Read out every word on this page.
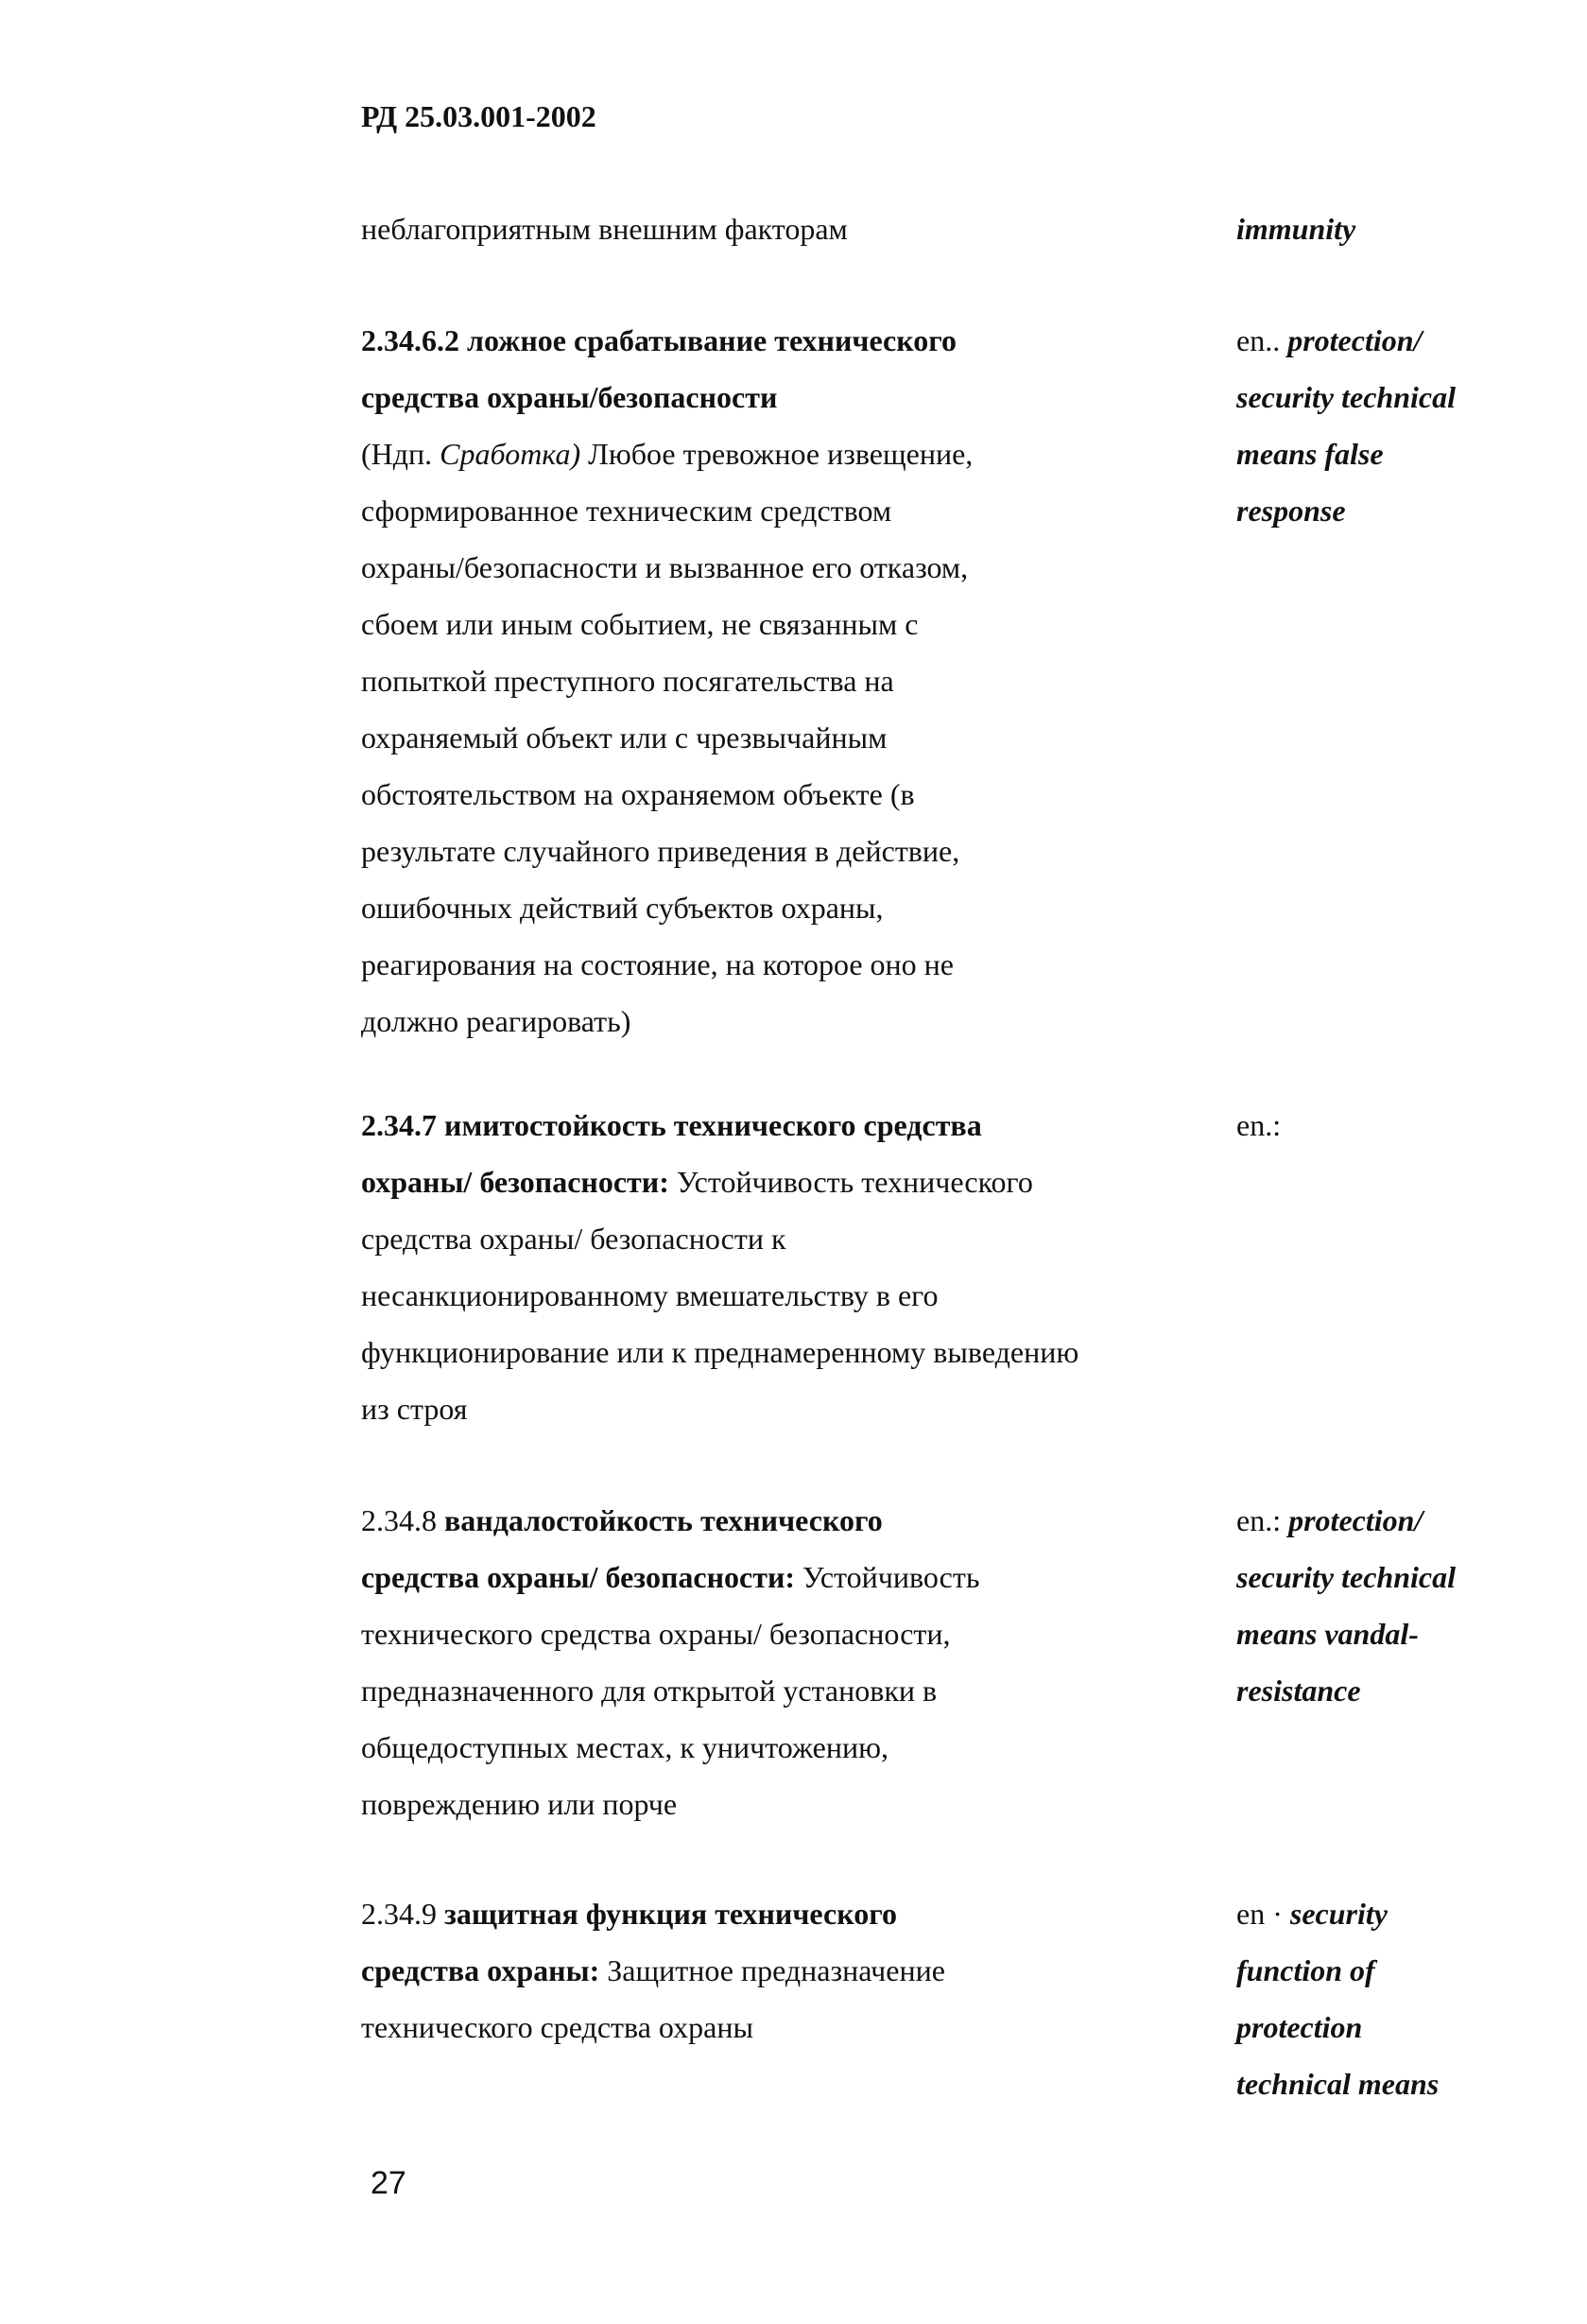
РД 25.03.001-2002
неблагоприятным внешним факторам	immunity
2.34.6.2 ложное срабатывание технического
средства охраны/безопасности
(Ндп. Сработка) Любое тревожное извещение,
сформированное техническим средством
охраны/безопасности и вызванное его отказом,
сбоем или иным событием, не связанным с
попыткой преступного посягательства на
охраняемый объект или с чрезвычайным
обстоятельством на охраняемом объекте (в
результате случайного приведения в действие,
ошибочных действий субъектов охраны,
реагирования на состояние, на которое оно не
должно реагировать)
en.. protection/
security technical
means false
response
2.34.7 имитостойкость технического средства
охраны/ безопасности: Устойчивость технического
средства охраны/ безопасности к
несанкционированному вмешательству в его
функционирование или к преднамеренному выведению
из строя
en.:
2.34.8 вандалостойкость технического
средства охраны/ безопасности: Устойчивость
технического средства охраны/ безопасности,
предназначенного для открытой установки в
общедоступных местах, к уничтожению,
повреждению или порче
en.: protection/
security technical
means vandal-
resistance
2.34.9 защитная функция технического
средства охраны: Защитное предназначение
технического средства охраны
en · security
function of
protection
technical means
27
